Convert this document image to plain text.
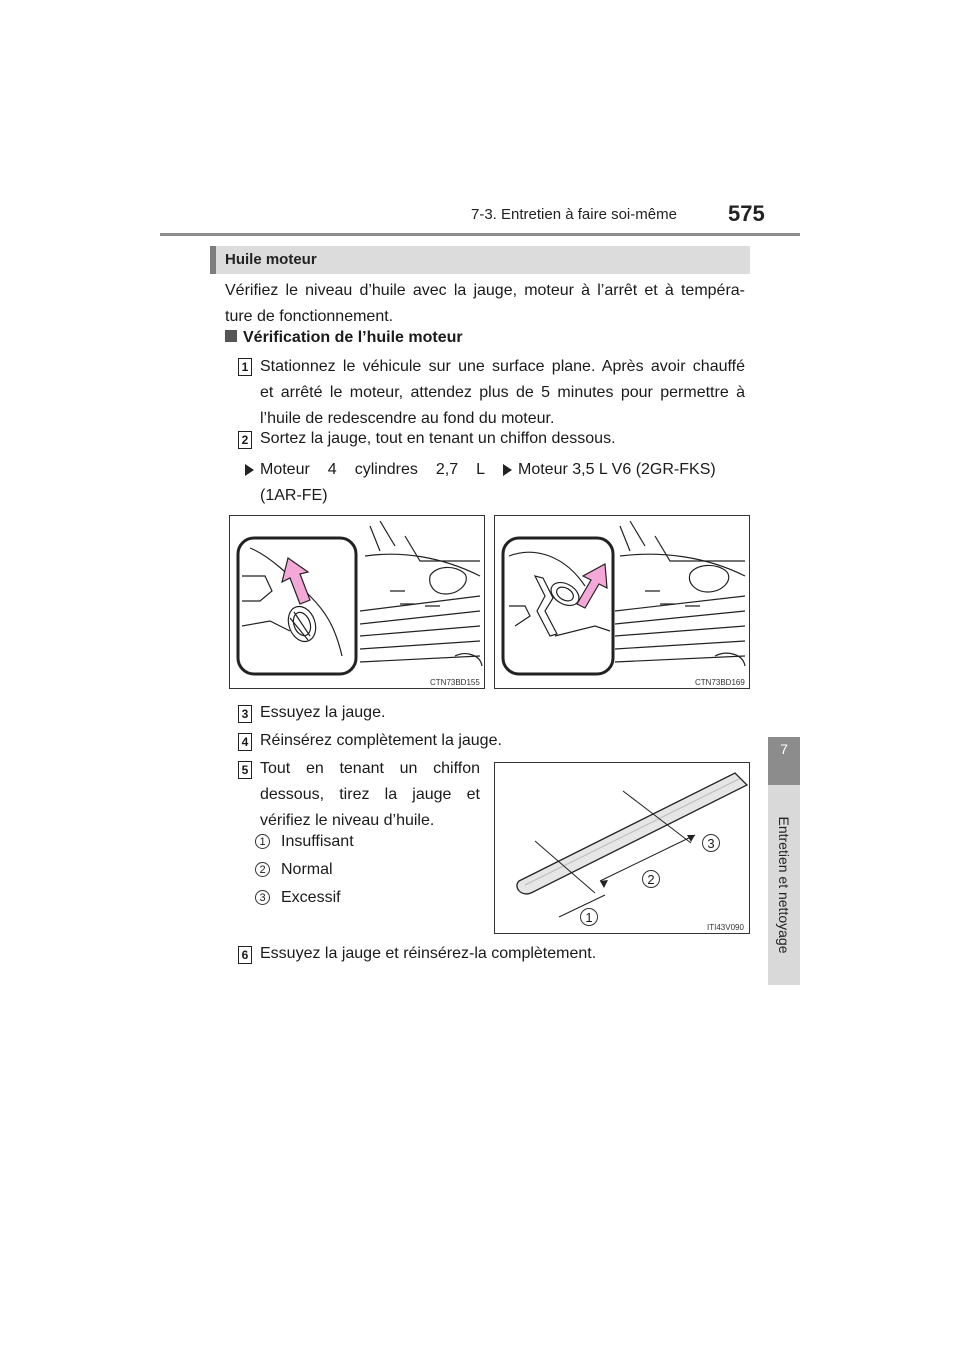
7-3. Entretien à faire soi-même 575
7
Entretien et nettoyage
Huile moteur
Vérifiez le niveau d’huile avec la jauge, moteur à l’arrêt et à tempéra-
ture de fonctionnement.
Vérification de l’huile moteur
1 Stationnez le véhicule sur une surface plane. Après avoir chauffé
et arrêté le moteur, attendez plus de 5 minutes pour permettre à
l’huile de redescendre au fond du moteur.
2 Sortez la jauge, tout en tenant un chiffon dessous.
Moteur 4 cylindres 2,7 L
(1AR-FE)
Moteur 3,5 L V6 (2GR-FKS)
CTN73BD155	CTN73BD169
3 Essuyez la jauge.
4 Réinsérez complètement la jauge.
5 Tout en tenant un chiffon
dessous, tirez la jauge et
vérifiez le niveau d’huile.
1 Insuffisant
2 Normal
3 Excessif
1
2
3
ITI43V090
6 Essuyez la jauge et réinsérez-la complètement.
